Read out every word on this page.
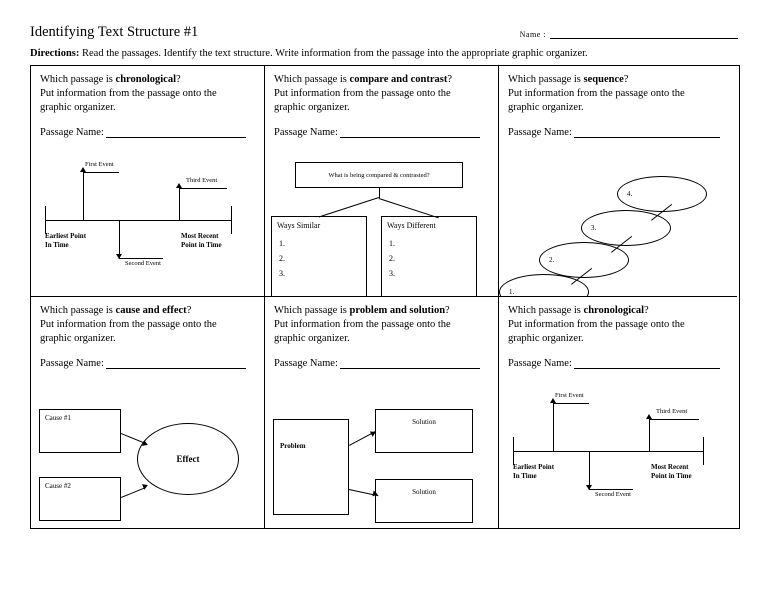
Identifying Text Structure #1	Name :
Directions: Read the passages. Identify the text structure. Write information from the passage into the appropriate graphic organizer.
Which passage is chronological?
Put information from the passage onto the
graphic organizer.
Passage Name:
First Event
Third Event
Second Event
Earliest Point
In Time
Most Recent
Point in Time
Which passage is compare and contrast?
Put information from the passage onto the
graphic organizer.
Passage Name:
What is being compared & contrasted?
Ways Similar
1.
2.
3.
Ways Different
1.
2.
3.
Which passage is sequence?
Put information from the passage onto the
graphic organizer.
Passage Name:
4.
3.
2.
1.
Which passage is cause and effect?
Put information from the passage onto the
graphic organizer.
Passage Name:
Cause #1
Cause #2
Effect
Which passage is problem and solution?
Put information from the passage onto the
graphic organizer.
Passage Name:
Problem
Solution
Solution
Which passage is chronological?
Put information from the passage onto the
graphic organizer.
Passage Name:
First Event
Third Event
Second Event
Earliest Point
In Time
Most Recent
Point in Time
